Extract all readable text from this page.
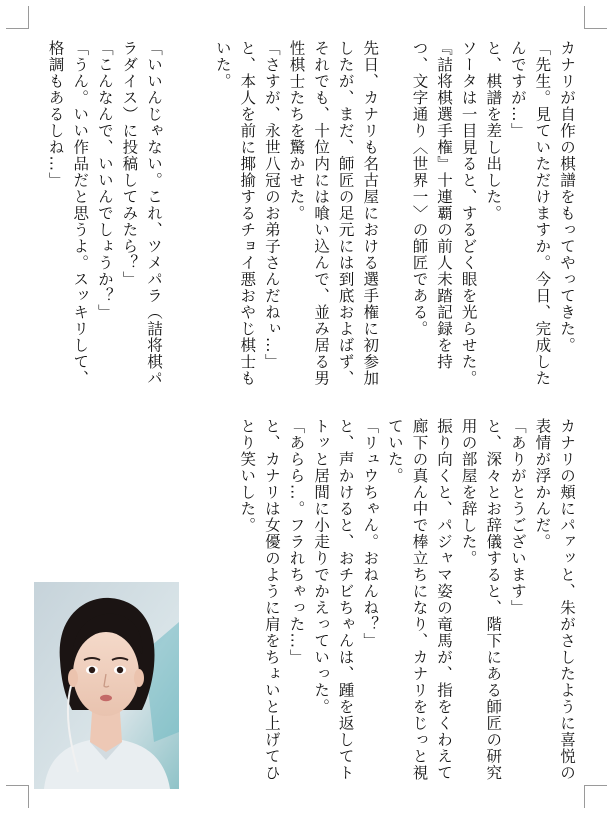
カナリが自作の棋譜をもってやってきた。

「先生。見ていただけますか。今日、完成したんですが…」

と、棋譜を差し出した。

ソータは一目見ると、するどく眼を光らせた。

『詰将棋選手権』十連覇の前人未踏記録を持つ、文字通り〈世界一〉の師匠である。

先日、カナリも名古屋における選手権に初参加したが、まだ、師匠の足元には到底およばず、それでも、十位内には喰い込んで、並み居る男性棋士たちを驚かせた。

「さすが、永世八冠のお弟子さんだねぃ…」

と、本人を前に揶揄するチョイ悪おやじ棋士もいた。

「いいんじゃない。これ、ツメパラ（詰将棋パラダイス）に投稿してみたら？」

「こんなんで、いいんでしょうか？」

「うん。いい作品だと思うよ。スッキリして、格調もあるしね…」

カナリの頬にパァッと、朱がさしたように喜悦の表情が浮かんだ。

「ありがとうございます」

と、深々とお辞儀すると、階下にある師匠の研究用の部屋を辞した。

振り向くと、パジャマ姿の竜馬が、指をくわえて廊下の真ん中で棒立ちになり、カナリをじっと視ていた。

「リュウちゃん。おねんね？」

と、声かけると、おチビちゃんは、踵を返してトトッと居間に小走りでかえっていった。

「あらら…。フラれちゃった…」

と、カナリは女優のように肩をちょいと上げてひとり笑いした。
